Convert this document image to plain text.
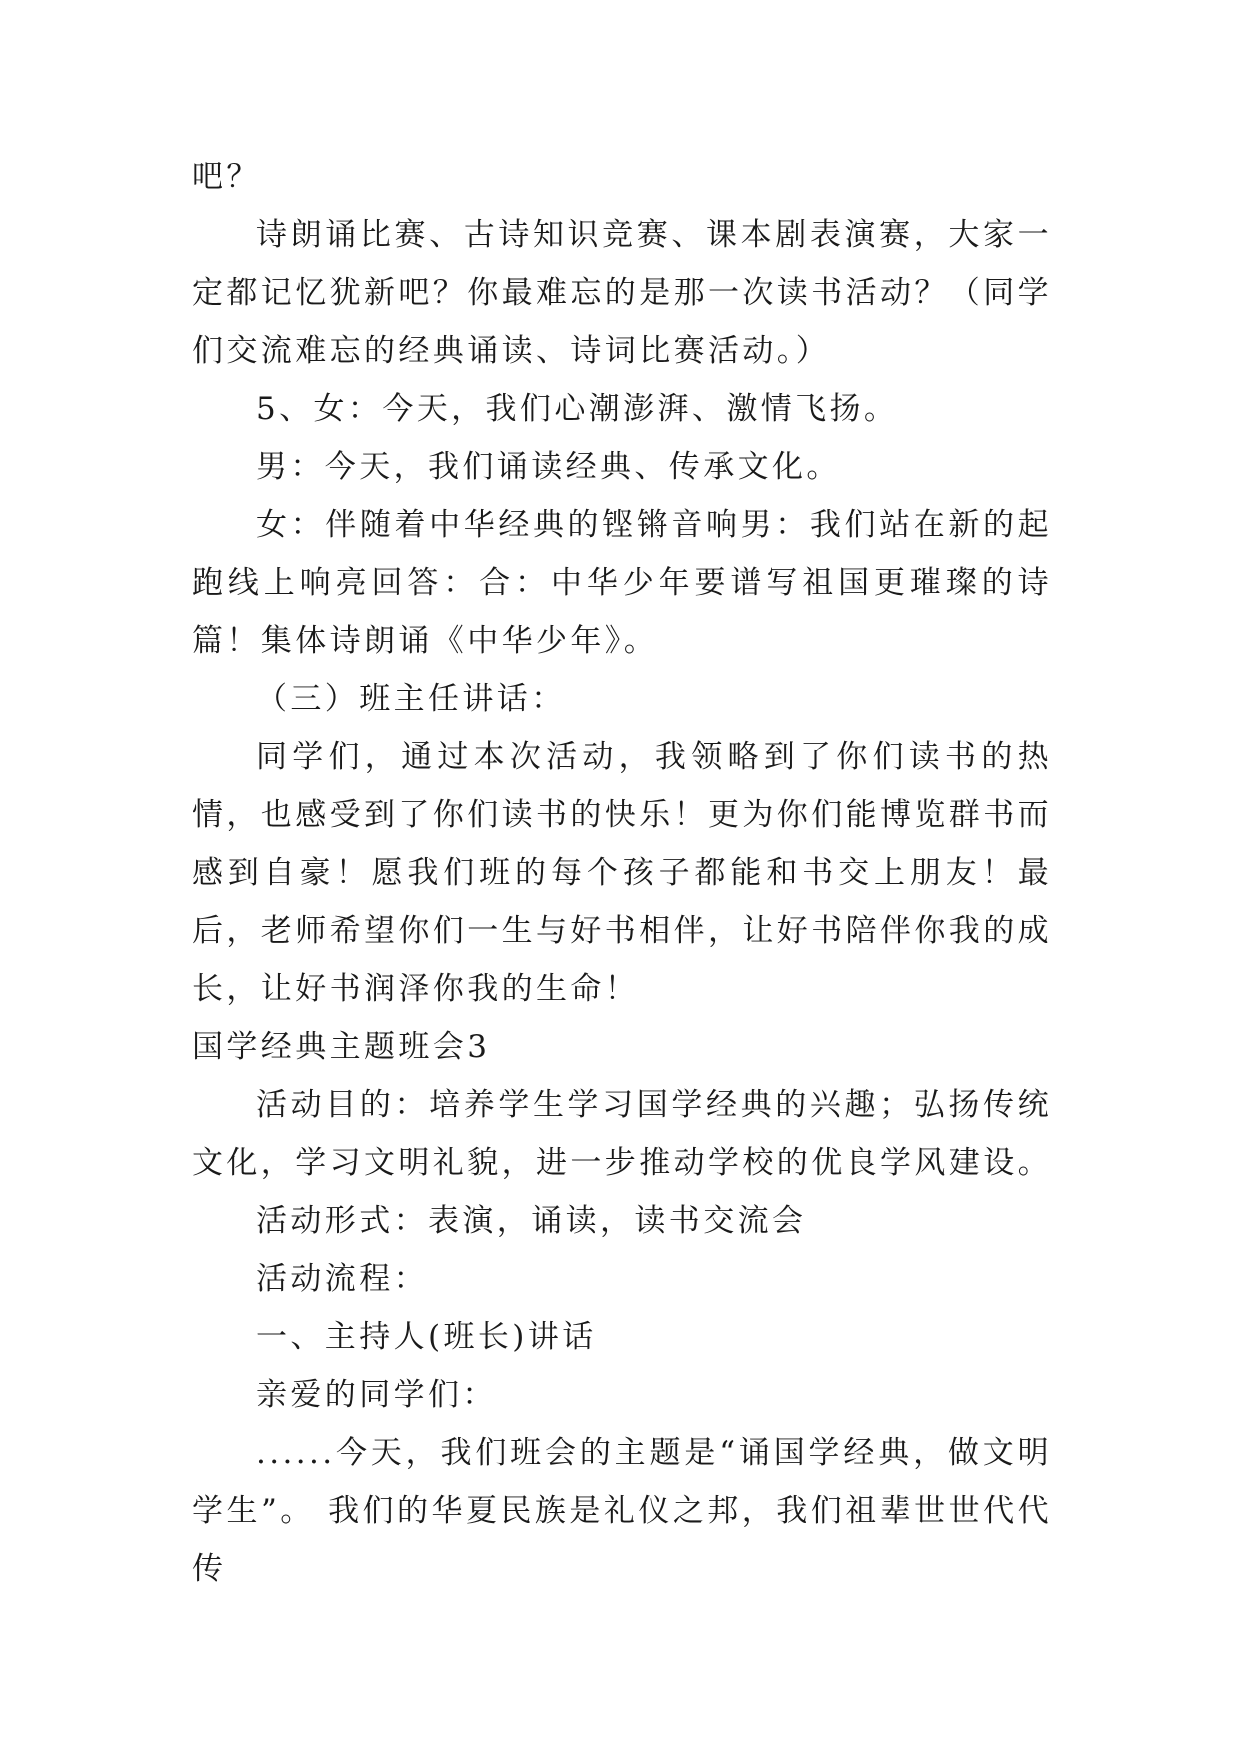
吧？

诗朗诵比赛、古诗知识竞赛、课本剧表演赛，大家一定都记忆犹新吧？你最难忘的是那一次读书活动？（同学们交流难忘的经典诵读、诗词比赛活动。）

5、女：今天，我们心潮澎湃、激情飞扬。

男：今天，我们诵读经典、传承文化。

女：伴随着中华经典的铿锵音响男：我们站在新的起跑线上响亮回答：合：中华少年要谱写祖国更璀璨的诗篇！集体诗朗诵《中华少年》。

（三）班主任讲话：

同学们，通过本次活动，我领略到了你们读书的热情，也感受到了你们读书的快乐！更为你们能博览群书而感到自豪！愿我们班的每个孩子都能和书交上朋友！最后，老师希望你们一生与好书相伴，让好书陪伴你我的成长，让好书润泽你我的生命！

国学经典主题班会3

活动目的：培养学生学习国学经典的兴趣；弘扬传统文化，学习文明礼貌，进一步推动学校的优良学风建设。

活动形式：表演，诵读，读书交流会

活动流程：

一、主持人(班长)讲话

亲爱的同学们：

......今天，我们班会的主题是“诵国学经典，做文明学生”。 我们的华夏民族是礼仪之邦，我们祖辈世世代代传
